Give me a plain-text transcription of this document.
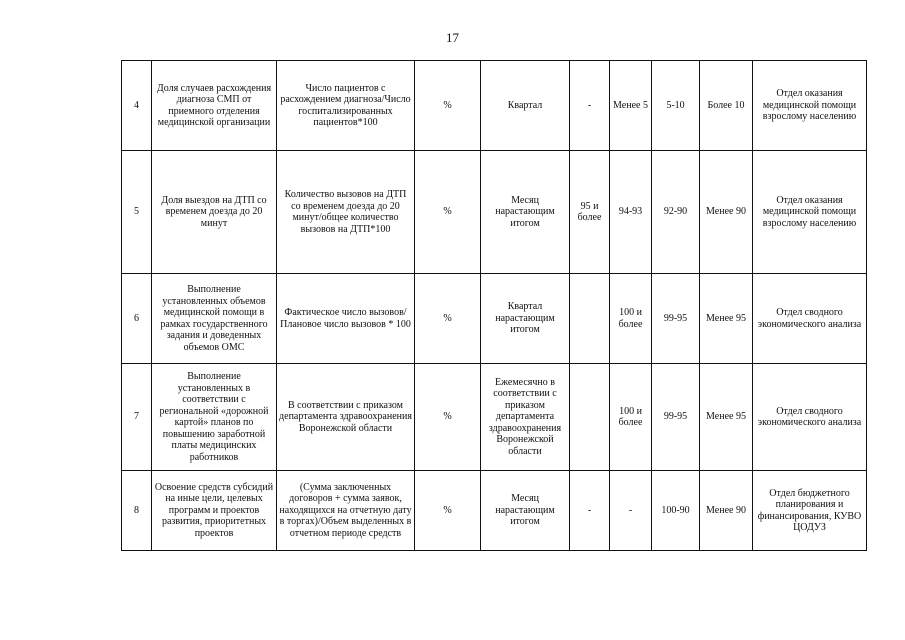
17
4	Доля случаев расхождения диагноза СМП от приемного отделения медицинской организации	Число пациентов с расхождением диагноза/Число госпитализированных пациентов*100	%	Квартал	-	Менее 5	5-10	Более 10	Отдел оказания медицинской помощи взрослому населению
5	Доля выездов на ДТП со временем доезда до 20 минут	Количество вызовов на ДТП со временем доезда до 20 минут/общее количество вызовов на ДТП*100	%	Месяц нарастающим итогом	95 и более	94-93	92-90	Менее 90	Отдел оказания медицинской помощи взрослому населению
6	Выполнение установленных объемов медицинской помощи в рамках государственного задания и доведенных объемов ОМС	Фактическое число вызовов/Плановое число вызовов * 100	%	Квартал нарастающим итогом		100 и более	99-95	Менее 95	Отдел сводного экономического анализа
7	Выполнение установленных в соответствии с региональной «дорожной картой» планов по повышению заработной платы медицинских работников	В соответствии с приказом департамента здравоохранения Воронежской области	%	Ежемесячно в соответствии с приказом департамента здравоохранения Воронежской области		100 и более	99-95	Менее 95	Отдел сводного экономического анализа
8	Освоение средств субсидий на иные цели, целевых программ и проектов развития, приоритетных проектов	(Сумма заключенных договоров + сумма заявок, находящихся на отчетную дату в торгах)/Объем выделенных в отчетном периоде средств	%	Месяц нарастающим итогом	-	-	100-90	Менее 90	Отдел бюджетного планирования и финансирования, КУВО ЦОДУЗ
